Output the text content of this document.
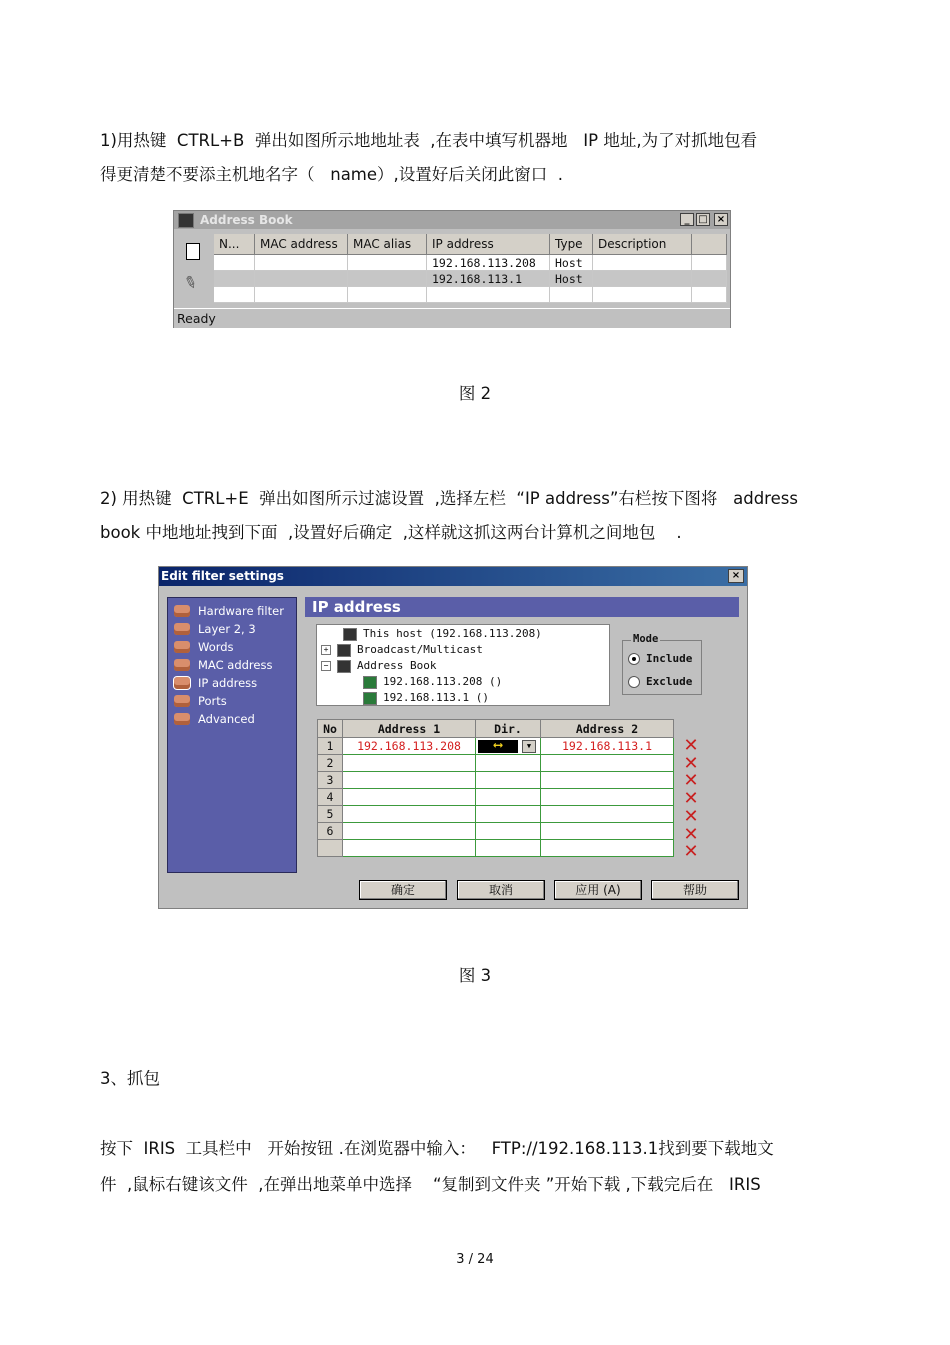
1)用热键  CTRL+B  弹出如图所示地地址表  ,在表中填写机器地   IP 地址,为了对抓地包看
得更清楚不要添主机地名字（   name）,设置好后关闭此窗口  .
Address Book	_ □ ×
✎
N...	MAC address	MAC alias	IP address	Type	Description	
			192.168.113.208	Host		
			192.168.113.1	Host		

Ready
图 2
2) 用热键  CTRL+E  弹出如图所示过滤设置  ,选择左栏  “IP address”右栏按下图将   address
book 中地地址拽到下面  ,设置好后确定  ,这样就这抓这两台计算机之间地包    .
Edit filter settings	×
Hardware filter
Layer 2, 3
Words
MAC address
IP address
Ports
Advanced
IP address
This host (192.168.113.208)
+	Broadcast/Multicast
−	Address Book
192.168.113.208 ()
192.168.113.1 ()
Mode
Include
Exclude
No	Address 1	Dir.	Address 2
1	192.168.113.208	⟷ ▼	192.168.113.1
2			
3			
4			
5			
6			

✕
✕
✕
✕
✕
✕
✕
确定	取消	应用 (A)	帮助
图 3
3、抓包
按下  IRIS  工具栏中   开始按钮 .在浏览器中输入：   FTP://192.168.113.1找到要下载地文
件  ,鼠标右键该文件  ,在弹出地菜单中选择    “复制到文件夹 ”开始下载 ,下载完后在   IRIS
3 / 24
